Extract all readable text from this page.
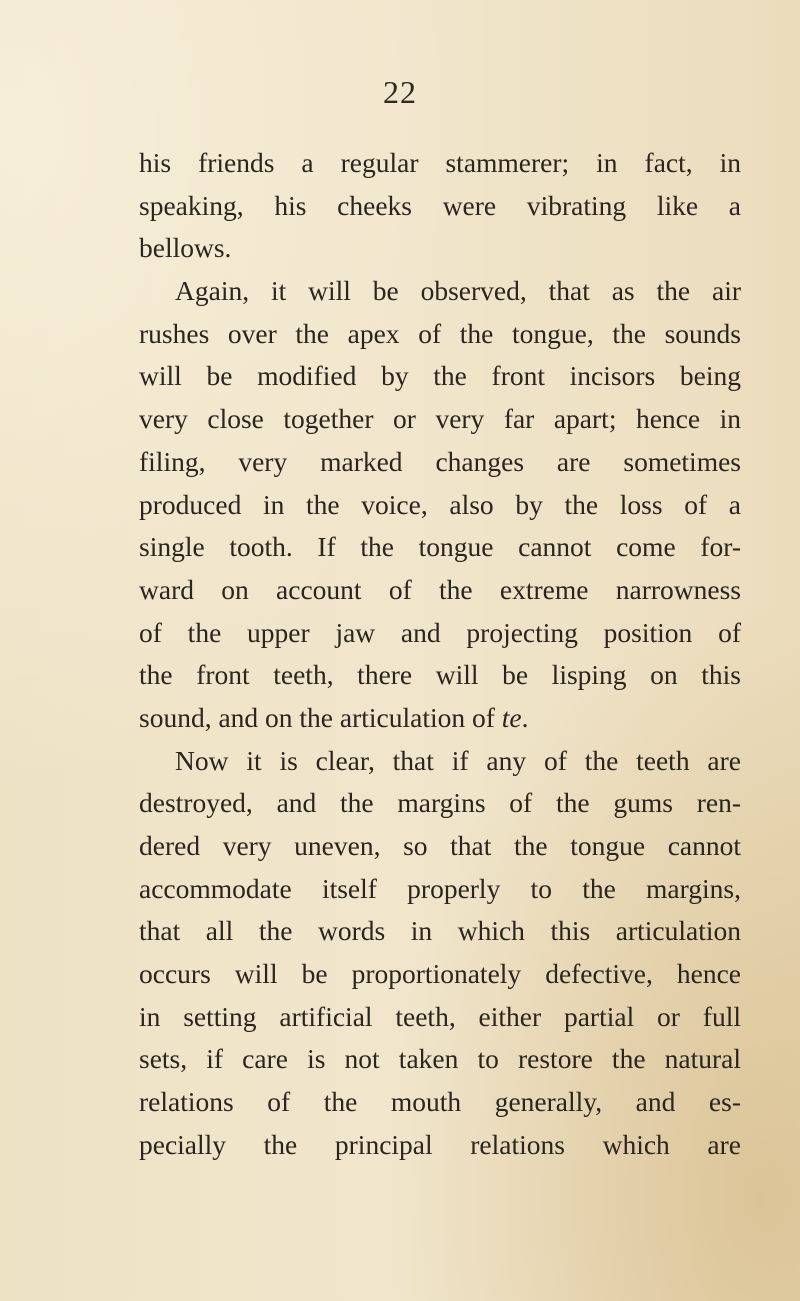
22
his friends a regular stammerer; in fact, in
speaking, his cheeks were vibrating like a
bellows.
Again, it will be observed, that as the air
rushes over the apex of the tongue, the sounds
will be modified by the front incisors being
very close together or very far apart; hence in
filing, very marked changes are sometimes
produced in the voice, also by the loss of a
single tooth. If the tongue cannot come for-
ward on account of the extreme narrowness
of the upper jaw and projecting position of
the front teeth, there will be lisping on this
sound, and on the articulation of te.
Now it is clear, that if any of the teeth are
destroyed, and the margins of the gums ren-
dered very uneven, so that the tongue cannot
accommodate itself properly to the margins,
that all the words in which this articulation
occurs will be proportionately defective, hence
in setting artificial teeth, either partial or full
sets, if care is not taken to restore the natural
relations of the mouth generally, and es-
pecially the principal relations which are
